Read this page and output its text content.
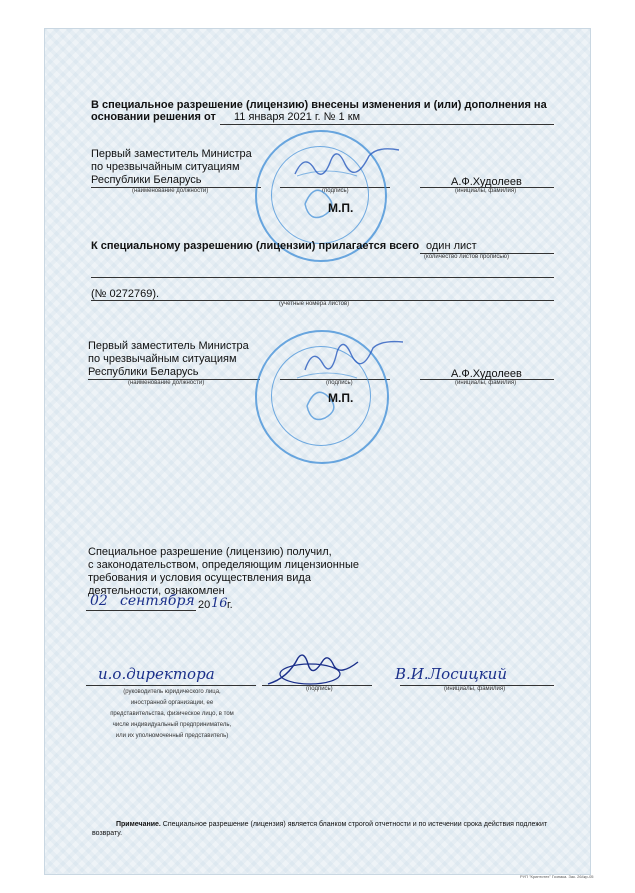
В специальное разрешение (лицензию) внесены изменения и (или) дополнения на
основании решения от 11 января 2021 г. № 1 км
Первый заместитель Министра
по чрезвычайным ситуациям
Республики Беларусь
(наименование должности)	(подпись)
А.Ф.Худолеев
(инициалы, фамилия)
М.П.
К специальному разрешению (лицензии) прилагается всего один лист
(количество листов прописью)
(№ 0272769).
(учетные номера листов)
Первый заместитель Министра
по чрезвычайным ситуациям
Республики Беларусь
(наименование должности)	(подпись)
А.Ф.Худолеев
(инициалы, фамилия)
М.П.
Специальное разрешение (лицензию) получил,
с законодательством, определяющим лицензионные
требования и условия осуществления вида
деятельности, ознакомлен
02 сентября 20 16 г.
и.о.директора
(подпись)
В.И.Лосицкий
(инициалы, фамилия)
(руководитель юридического лица,
иностранной организации, ее
представительства, физическое лицо, в том
числе индивидуальный предприниматель,
или их уполномоченный представитель)
Примечание. Специальное разрешение (лицензия) является бланком строгой отчетности и по истечении срока действия подлежит возврату.
РУП "Криптотех" Гознака. Зак. 264кр-05
